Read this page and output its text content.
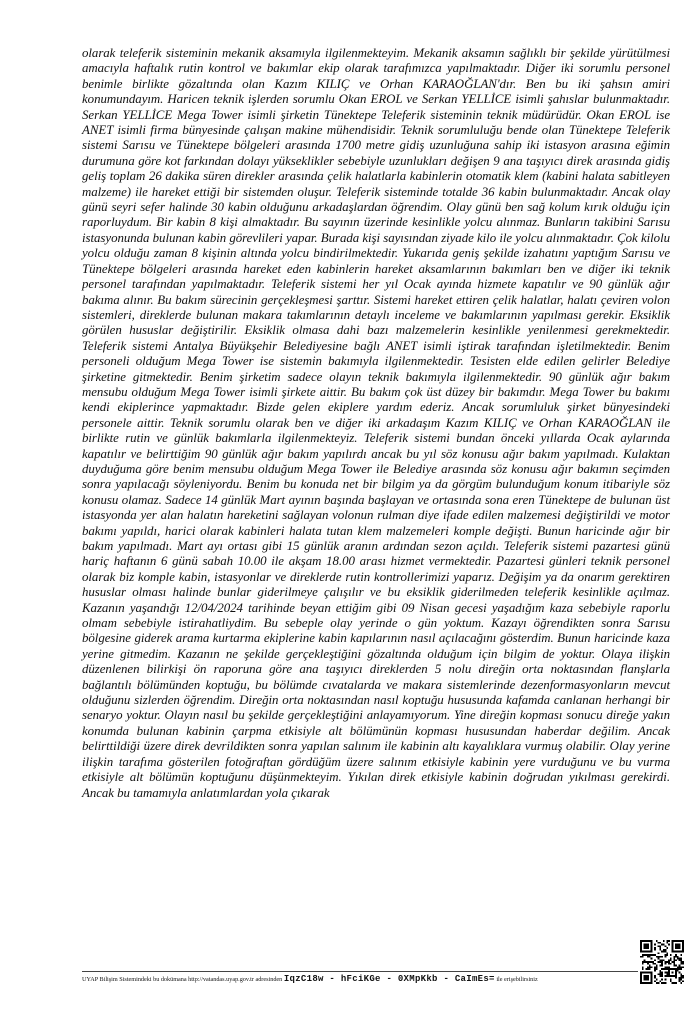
olarak teleferik sisteminin mekanik aksamıyla ilgilenmekteyim. Mekanik aksamın sağlıklı bir şekilde yürütülmesi amacıyla haftalık rutin kontrol ve bakımlar ekip olarak tarafımızca yapılmaktadır. Diğer iki sorumlu personel benimle birlikte gözaltında olan Kazım KILIÇ ve Orhan KARAOĞLAN'dır. Ben bu iki şahsın amiri konumundayım. Haricen teknik işlerden sorumlu Okan EROL ve Serkan YELLİCE isimli şahıslar bulunmaktadır. Serkan YELLİCE Mega Tower isimli şirketin Tünektepe Teleferik sisteminin teknik müdürüdür. Okan EROL ise ANET isimli firma bünyesinde çalışan makine mühendisidir. Teknik sorumluluğu bende olan Tünektepe Teleferik sistemi Sarısu ve Tünektepe bölgeleri arasında 1700 metre gidiş uzunluğuna sahip iki istasyon arasına eğimin durumuna göre kot farkından dolayı yükseklikler sebebiyle uzunlukları değişen 9 ana taşıyıcı direk arasında gidiş geliş toplam 26 dakika süren direkler arasında çelik halatlarla kabinlerin otomatik klem (kabini halata sabitleyen malzeme) ile hareket ettiği bir sistemden oluşur. Teleferik sisteminde totalde 36 kabin bulunmaktadır. Ancak olay günü seyri sefer halinde 30 kabin olduğunu arkadaşlardan öğrendim. Olay günü ben sağ kolum kırık olduğu için raporluydum. Bir kabin 8 kişi almaktadır. Bu sayının üzerinde kesinlikle yolcu alınmaz. Bunların takibini Sarısu istasyonunda bulunan kabin görevlileri yapar. Burada kişi sayısından ziyade kilo ile yolcu alınmaktadır. Çok kilolu yolcu olduğu zaman 8 kişinin altında yolcu bindirilmektedir. Yukarıda geniş şekilde izahatını yaptığım Sarısu ve Tünektepe bölgeleri arasında hareket eden kabinlerin hareket aksamlarının bakımları ben ve diğer iki teknik personel tarafından yapılmaktadır. Teleferik sistemi her yıl Ocak ayında hizmete kapatılır ve 90 günlük ağır bakıma alınır. Bu bakım sürecinin gerçekleşmesi şarttır. Sistemi hareket ettiren çelik halatlar, halatı çeviren volon sistemleri, direklerde bulunan makara takımlarının detaylı inceleme ve bakımlarının yapılması gerekir. Eksiklik görülen hususlar değiştirilir. Eksiklik olmasa dahi bazı malzemelerin kesinlikle yenilenmesi gerekmektedir. Teleferik sistemi Antalya Büyükşehir Belediyesine bağlı ANET isimli iştirak tarafından işletilmektedir. Benim personeli olduğum Mega Tower ise sistemin bakımıyla ilgilenmektedir. Tesisten elde edilen gelirler Belediye şirketine gitmektedir. Benim şirketim sadece olayın teknik bakımıyla ilgilenmektedir. 90 günlük ağır bakım mensubu olduğum Mega Tower isimli şirkete aittir. Bu bakım çok üst düzey bir bakımdır. Mega Tower bu bakımı kendi ekiplerince yapmaktadır. Bizde gelen ekiplere yardım ederiz. Ancak sorumluluk şirket bünyesindeki personele aittir. Teknik sorumlu olarak ben ve diğer iki arkadaşım Kazım KILIÇ ve Orhan KARAOĞLAN ile birlikte rutin ve günlük bakımlarla ilgilenmekteyiz. Teleferik sistemi bundan önceki yıllarda Ocak aylarında kapatılır ve belirttiğim 90 günlük ağır bakım yapılırdı ancak bu yıl söz konusu ağır bakım yapılmadı. Kulaktan duyduğuma göre benim mensubu olduğum Mega Tower ile Belediye arasında söz konusu ağır bakımın seçimden sonra yapılacağı söyleniyordu. Benim bu konuda net bir bilgim ya da görgüm bulunduğum konum itibariyle söz konusu olamaz. Sadece 14 günlük Mart ayının başında başlayan ve ortasında sona eren Tünektepe de bulunan üst istasyonda yer alan halatın hareketini sağlayan volonun rulman diye ifade edilen malzemesi değiştirildi ve motor bakımı yapıldı, harici olarak kabinleri halata tutan klem malzemeleri komple değişti. Bunun haricinde ağır bir bakım yapılmadı. Mart ayı ortası gibi 15 günlük aranın ardından sezon açıldı. Teleferik sistemi pazartesi günü hariç haftanın 6 günü sabah 10.00 ile akşam 18.00 arası hizmet vermektedir. Pazartesi günleri teknik personel olarak biz komple kabin, istasyonlar ve direklerde rutin kontrollerimizi yaparız. Değişim ya da onarım gerektiren hususlar olması halinde bunlar giderilmeye çalışılır ve bu eksiklik giderilmeden teleferik kesinlikle açılmaz. Kazanın yaşandığı 12/04/2024 tarihinde beyan ettiğim gibi 09 Nisan gecesi yaşadığım kaza sebebiyle raporlu olmam sebebiyle istirahatliydim. Bu sebeple olay yerinde o gün yoktum. Kazayı öğrendikten sonra Sarısu bölgesine giderek arama kurtarma ekiplerine kabin kapılarının nasıl açılacağını gösterdim. Bunun haricinde kaza yerine gitmedim. Kazanın ne şekilde gerçekleştiğini gözaltında olduğum için bilgim de yoktur. Olaya ilişkin düzenlenen bilirkişi ön raporuna göre ana taşıyıcı direklerden 5 nolu direğin orta noktasından flanşlarla bağlantılı bölümünden koptuğu, bu bölümde cıvatalarda ve makara sistemlerinde dezenformasyonların mevcut olduğunu sizlerden öğrendim. Direğin orta noktasından nasıl koptuğu hususunda kafamda canlanan herhangi bir senaryo yoktur. Olayın nasıl bu şekilde gerçekleştiğini anlayamıyorum. Yine direğin kopması sonucu direğe yakın konumda bulunan kabinin çarpma etkisiyle alt bölümünün kopması hususundan haberdar değilim. Ancak belirttildiği üzere direk devrildikten sonra yapılan salınım ile kabinin altı kayalıklara vurmuş olabilir. Olay yerine ilişkin tarafıma gösterilen fotoğraftan gördüğüm üzere salınım etkisiyle kabinin yere vurduğunu ve bu vurma etkisiyle alt bölümün koptuğunu düşünmekteyim. Yıkılan direk etkisiyle kabinin doğrudan yıkılması gerekirdi. Ancak bu tamamıyla anlatımlardan yola çıkarak

UYAP Bilişim Sistemindeki bu dokümana http://vatandas.uyap.gov.tr adresinden IqzC18w - hFciKGe - 0XMpKkb - CaImEs= ile erişebilirsiniz
